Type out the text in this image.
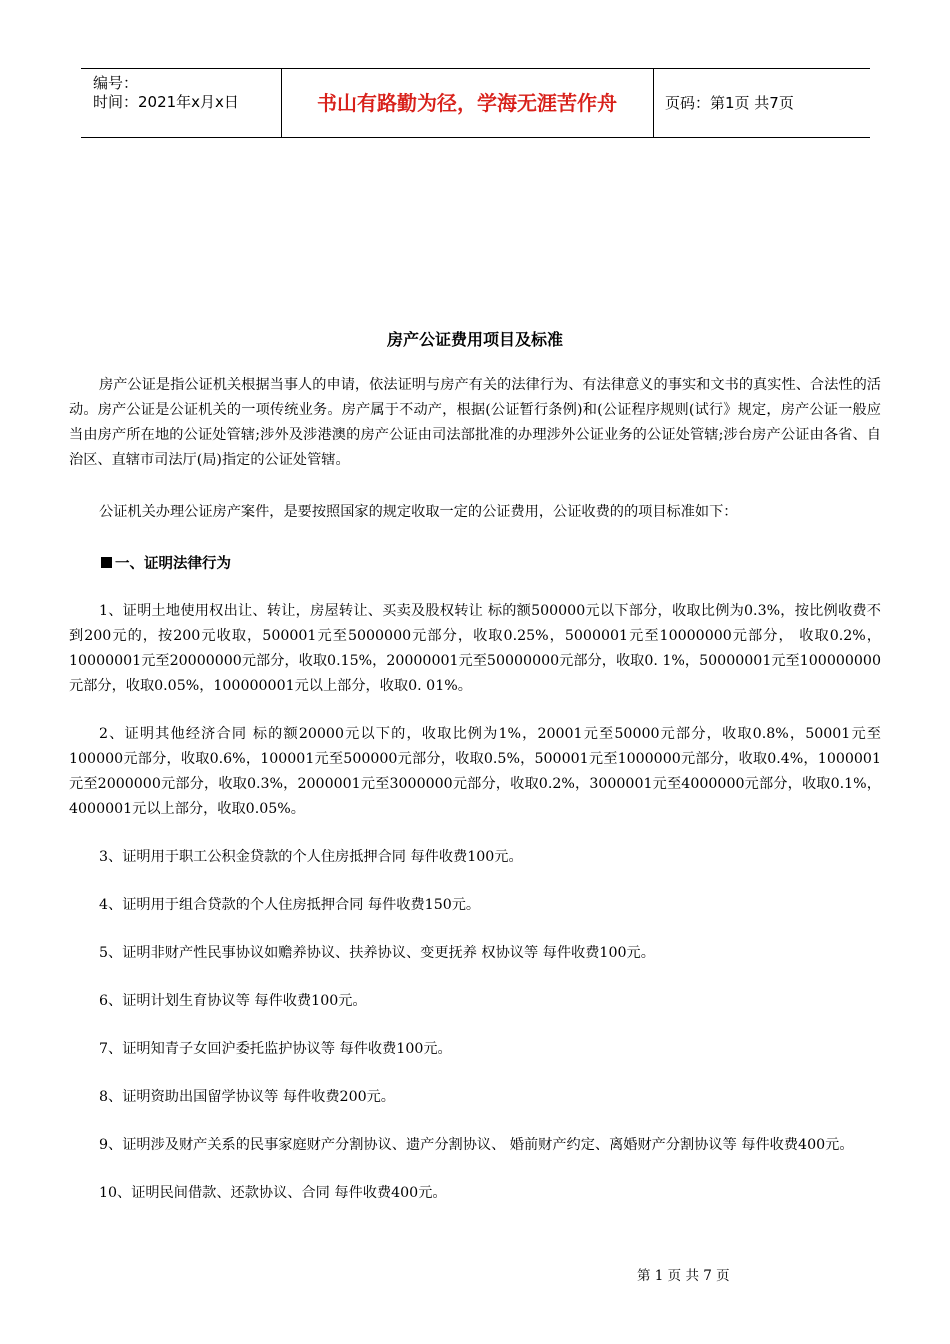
编号：
时间：2021年x月x日	书山有路勤为径，学海无涯苦作舟	页码：第1页 共7页
房产公证费用项目及标准

房产公证是指公证机关根据当事人的申请，依法证明与房产有关的法律行为、有法律意义的事实和文书的真实性、合法性的活动。房产公证是公证机关的一项传统业务。房产属于不动产，根据(公证暂行条例)和(公证程序规则(试行》规定，房产公证一般应当由房产所在地的公证处管辖;涉外及涉港澳的房产公证由司法部批准的办理涉外公证业务的公证处管辖;涉台房产公证由各省、自治区、直辖市司法厅(局)指定的公证处管辖。

公证机关办理公证房产案件，是要按照国家的规定收取一定的公证费用，公证收费的的项目标准如下：

一、证明法律行为

1、证明土地使用权出让、转让，房屋转让、买卖及股权转让 标的额500000元以下部分，收取比例为0.3%，按比例收费不到200元的，按200元收取，500001元至5000000元部分，收取0.25%，5000001元至10000000元部分， 收取0.2%，10000001元至20000000元部分，收取0.15%，20000001元至50000000元部分，收取0. 1%，50000001元至100000000元部分，收取0.05%，100000001元以上部分，收取0. 01%。

2、证明其他经济合同 标的额20000元以下的，收取比例为1%，20001元至50000元部分，收取0.8%，50001元至100000元部分，收取0.6%，100001元至500000元部分，收取0.5%，500001元至1000000元部分，收取0.4%，1000001元至2000000元部分，收取0.3%，2000001元至3000000元部分，收取0.2%，3000001元至4000000元部分，收取0.1%，4000001元以上部分，收取0.05%。

3、证明用于职工公积金贷款的个人住房抵押合同 每件收费100元。

4、证明用于组合贷款的个人住房抵押合同 每件收费150元。

5、证明非财产性民事协议如赡养协议、扶养协议、变更抚养 权协议等 每件收费100元。

6、证明计划生育协议等 每件收费100元。

7、证明知青子女回沪委托监护协议等 每件收费100元。

8、证明资助出国留学协议等 每件收费200元。

9、证明涉及财产关系的民事家庭财产分割协议、遗产分割协议、 婚前财产约定、离婚财产分割协议等 每件收费400元。

10、证明民间借款、还款协议、合同 每件收费400元。

第 1 页 共 7 页
